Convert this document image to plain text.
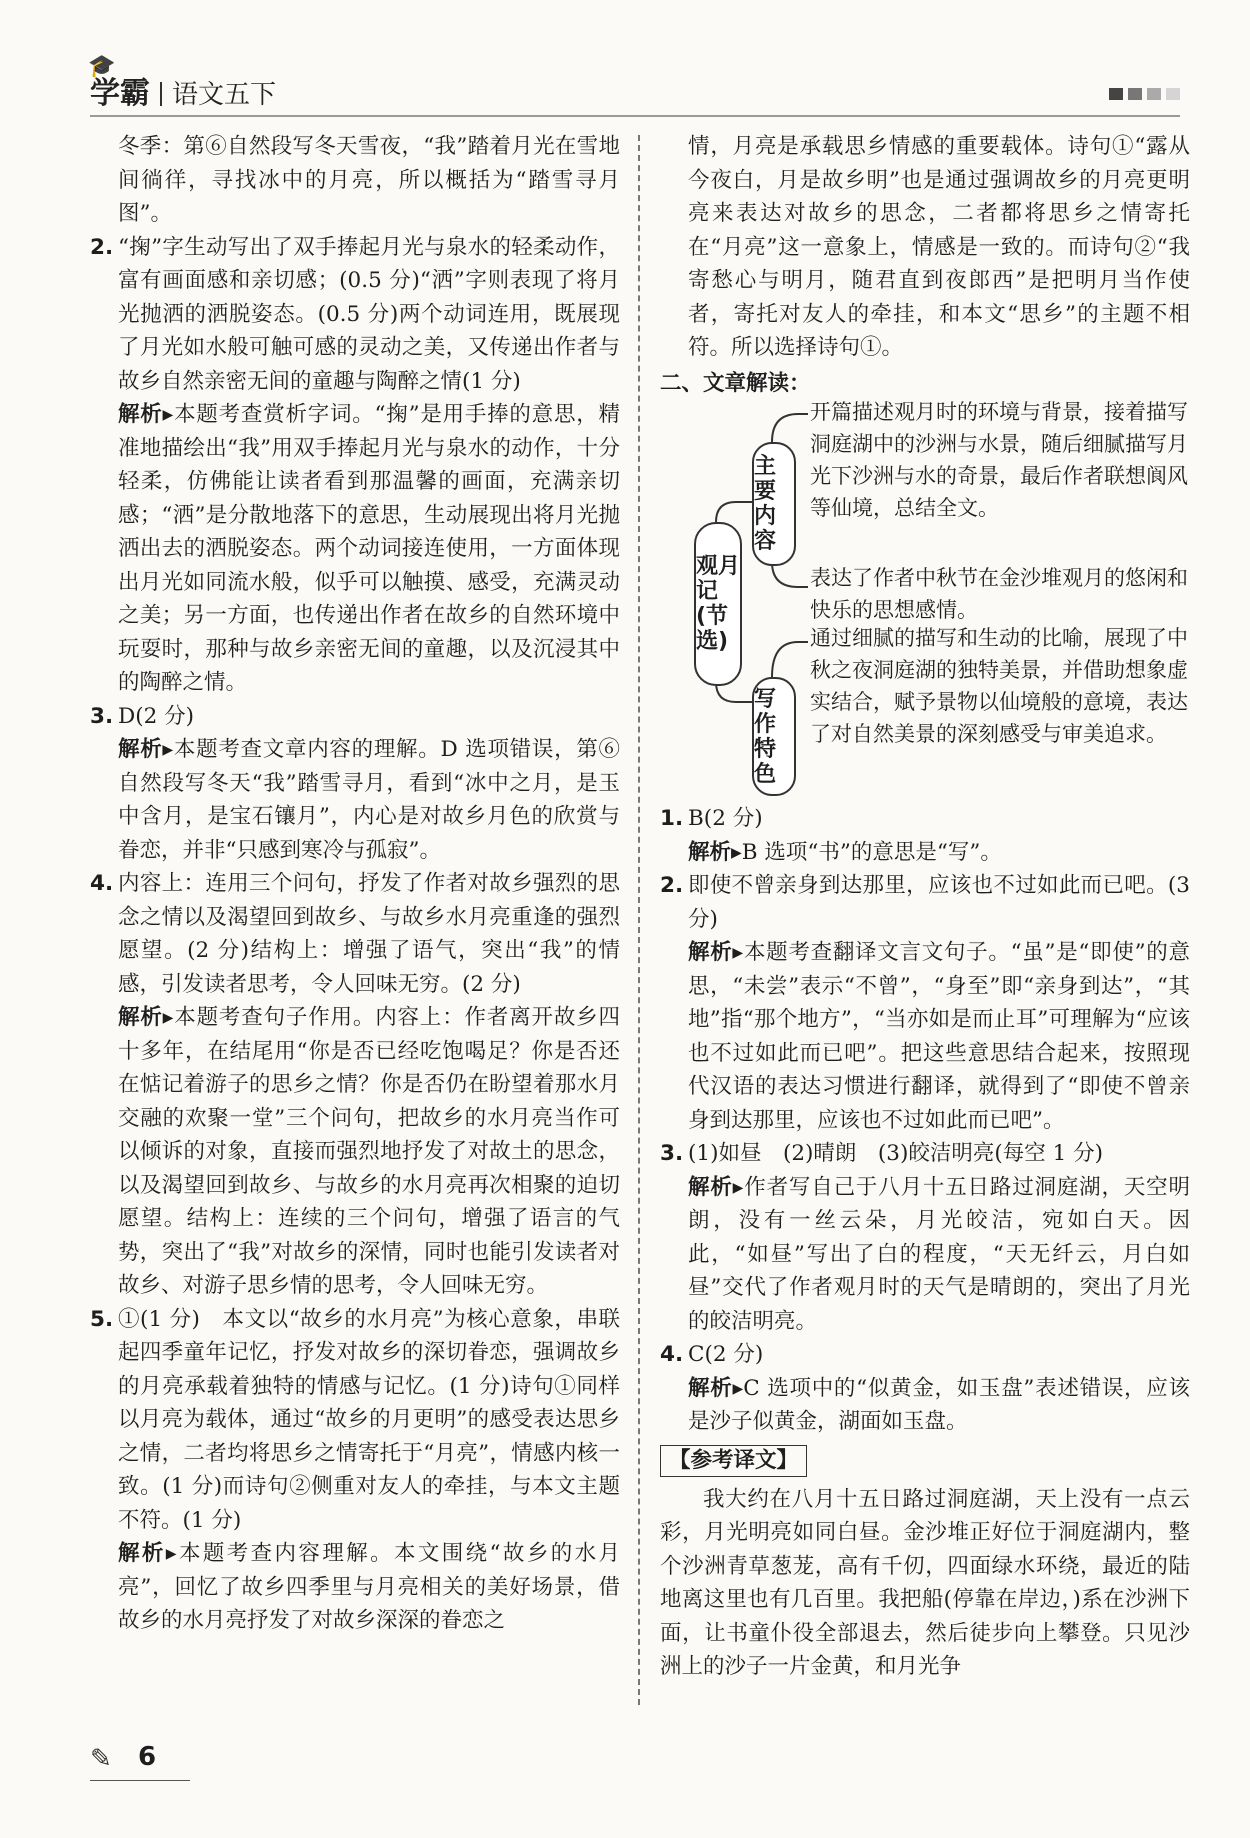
🎓
学霸 语文五下

冬季：第⑥自然段写冬天雪夜，“我”踏着月光在雪地间徜徉，寻找冰中的月亮，所以概括为“踏雪寻月图”。

2. “掬”字生动写出了双手捧起月光与泉水的轻柔动作，富有画面感和亲切感；(0.5 分)“洒”字则表现了将月光抛洒的洒脱姿态。(0.5 分)两个动词连用，既展现了月光如水般可触可感的灵动之美，又传递出作者与故乡自然亲密无间的童趣与陶醉之情(1 分)

解析▸本题考查赏析字词。“掬”是用手捧的意思，精准地描绘出“我”用双手捧起月光与泉水的动作，十分轻柔，仿佛能让读者看到那温馨的画面，充满亲切感；“洒”是分散地落下的意思，生动展现出将月光抛洒出去的洒脱姿态。两个动词接连使用，一方面体现出月光如同流水般，似乎可以触摸、感受，充满灵动之美；另一方面，也传递出作者在故乡的自然环境中玩耍时，那种与故乡亲密无间的童趣，以及沉浸其中的陶醉之情。

3. D(2 分)

解析▸本题考查文章内容的理解。D 选项错误，第⑥自然段写冬天“我”踏雪寻月，看到“冰中之月，是玉中含月，是宝石镶月”，内心是对故乡月色的欣赏与眷恋，并非“只感到寒冷与孤寂”。

4. 内容上：连用三个问句，抒发了作者对故乡强烈的思念之情以及渴望回到故乡、与故乡水月亮重逢的强烈愿望。(2 分)结构上：增强了语气，突出“我”的情感，引发读者思考，令人回味无穷。(2 分)

解析▸本题考查句子作用。内容上：作者离开故乡四十多年，在结尾用“你是否已经吃饱喝足？你是否还在惦记着游子的思乡之情？你是否仍在盼望着那水月交融的欢聚一堂”三个问句，把故乡的水月亮当作可以倾诉的对象，直接而强烈地抒发了对故土的思念，以及渴望回到故乡、与故乡的水月亮再次相聚的迫切愿望。结构上：连续的三个问句，增强了语言的气势，突出了“我”对故乡的深情，同时也能引发读者对故乡、对游子思乡情的思考，令人回味无穷。

5. ①(1 分)　本文以“故乡的水月亮”为核心意象，串联起四季童年记忆，抒发对故乡的深切眷恋，强调故乡的月亮承载着独特的情感与记忆。(1 分)诗句①同样以月亮为载体，通过“故乡的月更明”的感受表达思乡之情，二者均将思乡之情寄托于“月亮”，情感内核一致。(1 分)而诗句②侧重对友人的牵挂，与本文主题不符。(1 分)

解析▸本题考查内容理解。本文围绕“故乡的水月亮”，回忆了故乡四季里与月亮相关的美好场景，借故乡的水月亮抒发了对故乡深深的眷恋之

情，月亮是承载思乡情感的重要载体。诗句①“露从今夜白，月是故乡明”也是通过强调故乡的月亮更明亮来表达对故乡的思念，二者都将思乡之情寄托在“月亮”这一意象上，情感是一致的。而诗句②“我寄愁心与明月，随君直到夜郎西”是把明月当作使者，寄托对友人的牵挂，和本文“思乡”的主题不相符。所以选择诗句①。

二、文章解读：
观月记(节选)
主要内容
写作特色
开篇描述观月时的环境与背景，接着描写洞庭湖中的沙洲与水景，随后细腻描写月光下沙洲与水的奇景，最后作者联想阆风等仙境，总结全文。
表达了作者中秋节在金沙堆观月的悠闲和快乐的思想感情。
通过细腻的描写和生动的比喻，展现了中秋之夜洞庭湖的独特美景，并借助想象虚实结合，赋予景物以仙境般的意境，表达了对自然美景的深刻感受与审美追求。
1. B(2 分)

解析▸B 选项“书”的意思是“写”。

2. 即使不曾亲身到达那里，应该也不过如此而已吧。(3 分)

解析▸本题考查翻译文言文句子。“虽”是“即使”的意思，“未尝”表示“不曾”，“身至”即“亲身到达”，“其地”指“那个地方”，“当亦如是而止耳”可理解为“应该也不过如此而已吧”。把这些意思结合起来，按照现代汉语的表达习惯进行翻译，就得到了“即使不曾亲身到达那里，应该也不过如此而已吧”。

3. (1)如昼　(2)晴朗　(3)皎洁明亮(每空 1 分)

解析▸作者写自己于八月十五日路过洞庭湖，天空明朗，没有一丝云朵，月光皎洁，宛如白天。因此，“如昼”写出了白的程度，“天无纤云，月白如昼”交代了作者观月时的天气是晴朗的，突出了月光的皎洁明亮。

4. C(2 分)

解析▸C 选项中的“似黄金，如玉盘”表述错误，应该是沙子似黄金，湖面如玉盘。

【参考译文】

我大约在八月十五日路过洞庭湖，天上没有一点云彩，月光明亮如同白昼。金沙堆正好位于洞庭湖内，整个沙洲青草葱茏，高有千仞，四面绿水环绕，最近的陆地离这里也有几百里。我把船(停靠在岸边，)系在沙洲下面，让书童仆役全部退去，然后徒步向上攀登。只见沙洲上的沙子一片金黄，和月光争

✎ 6
